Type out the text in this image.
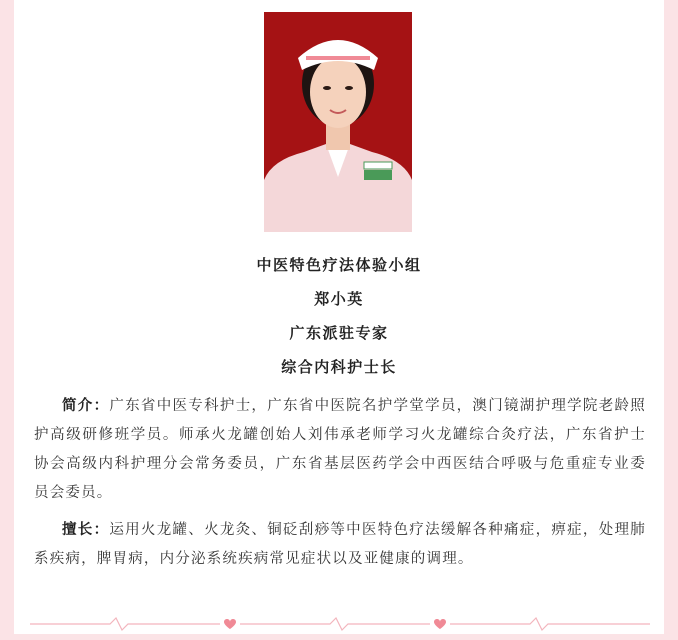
中医特色疗法体验小组
郑小英
广东派驻专家
综合内科护士长

简介：广东省中医专科护士，广东省中医院名护学堂学员，澳门镜湖护理学院老龄照护高级研修班学员。师承火龙罐创始人刘伟承老师学习火龙罐综合灸疗法，广东省护士协会高级内科护理分会常务委员，广东省基层医药学会中西医结合呼吸与危重症专业委员会委员。

擅长：运用火龙罐、火龙灸、铜砭刮痧等中医特色疗法缓解各种痛症，痹症，处理肺系疾病，脾胃病，内分泌系统疾病常见症状以及亚健康的调理。
